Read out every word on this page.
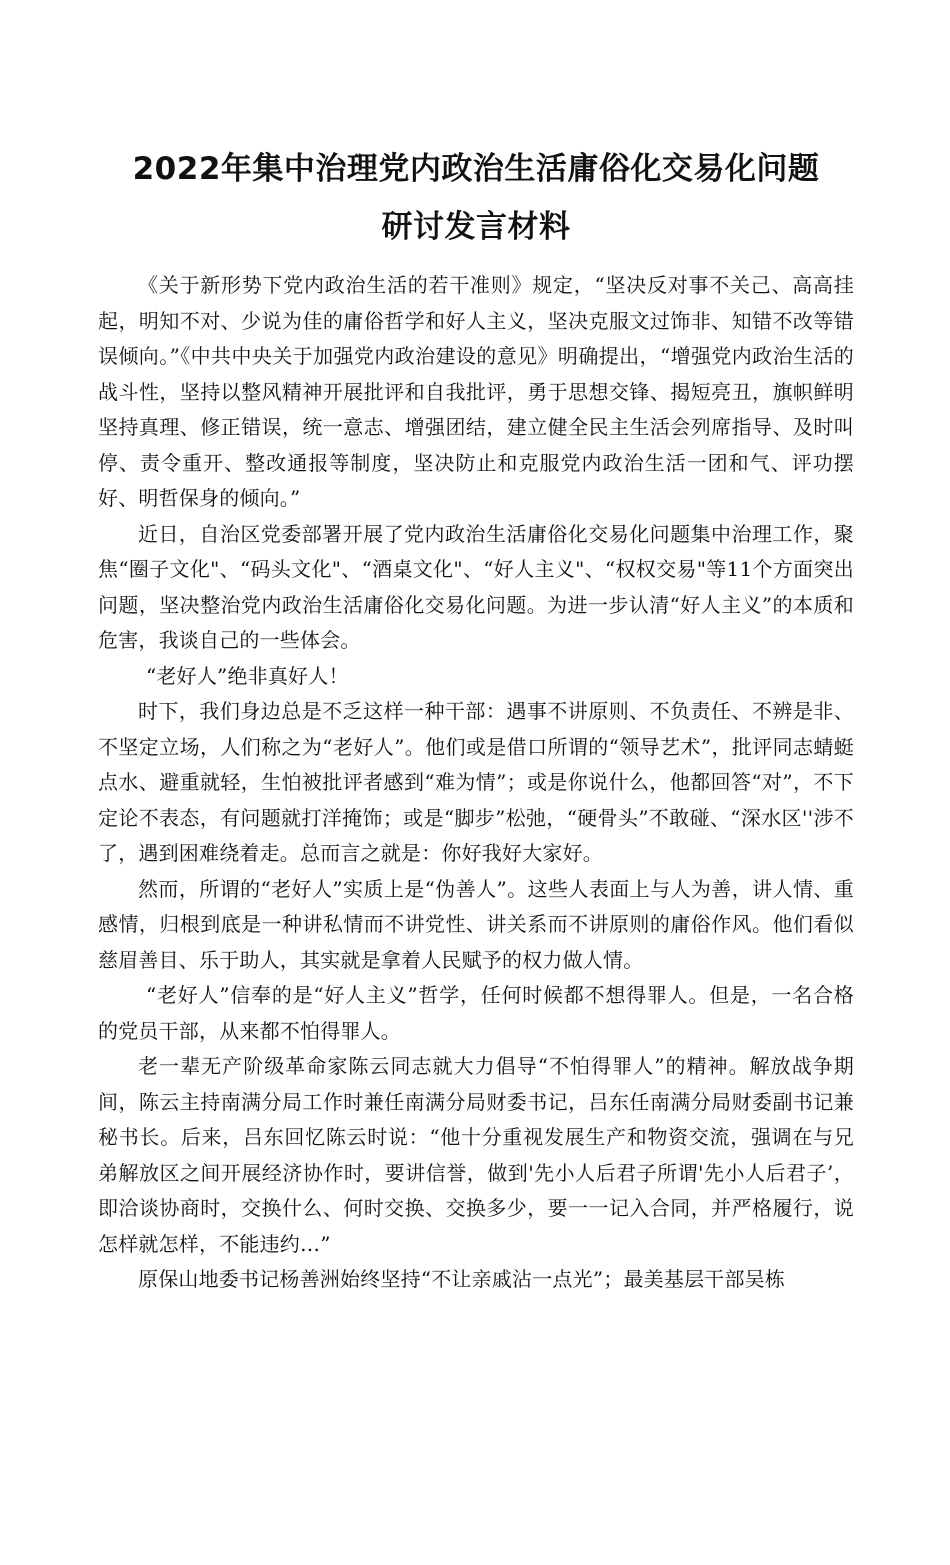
2022年集中治理党内政治生活庸俗化交易化问题
研讨发言材料

《关于新形势下党内政治生活的若干准则》规定，“坚决反对事不关己、高高挂起，明知不对、少说为佳的庸俗哲学和好人主义，坚决克服文过饰非、知错不改等错误倾向。”《中共中央关于加强党内政治建设的意见》明确提出，“增强党内政治生活的战斗性，坚持以整风精神开展批评和自我批评，勇于思想交锋、揭短亮丑，旗帜鲜明坚持真理、修正错误，统一意志、增强团结，建立健全民主生活会列席指导、及时叫停、责令重开、整改通报等制度，坚决防止和克服党内政治生活一团和气、评功摆好、明哲保身的倾向。”

近日，自治区党委部署开展了党内政治生活庸俗化交易化问题集中治理工作，聚焦“圈子文化"、“码头文化"、“酒桌文化"、“好人主义"、“权权交易"等11个方面突出问题，坚决整治党内政治生活庸俗化交易化问题。为进一步认清“好人主义”的本质和危害，我谈自己的一些体会。

“老好人”绝非真好人！

时下，我们身边总是不乏这样一种干部：遇事不讲原则、不负责任、不辨是非、不坚定立场，人们称之为“老好人”。他们或是借口所谓的“领导艺术”，批评同志蜻蜓点水、避重就轻，生怕被批评者感到“难为情”；或是你说什么，他都回答“对”，不下定论不表态，有问题就打洋掩饰；或是“脚步”松弛，“硬骨头”不敢碰、“深水区''涉不了，遇到困难绕着走。总而言之就是：你好我好大家好。

然而，所谓的“老好人”实质上是“伪善人”。这些人表面上与人为善，讲人情、重感情，归根到底是一种讲私情而不讲党性、讲关系而不讲原则的庸俗作风。他们看似慈眉善目、乐于助人，其实就是拿着人民赋予的权力做人情。

“老好人”信奉的是“好人主义”哲学，任何时候都不想得罪人。但是，一名合格的党员干部，从来都不怕得罪人。

老一辈无产阶级革命家陈云同志就大力倡导“不怕得罪人”的精神。解放战争期间，陈云主持南满分局工作时兼任南满分局财委书记，吕东任南满分局财委副书记兼秘书长。后来，吕东回忆陈云时说：“他十分重视发展生产和物资交流，强调在与兄弟解放区之间开展经济协作时，要讲信誉，做到'先小人后君子所谓'先小人后君子’，即洽谈协商时，交换什么、何时交换、交换多少，要一一记入合同，并严格履行，说怎样就怎样，不能违约…”

原保山地委书记杨善洲始终坚持“不让亲戚沾一点光”；最美基层干部吴栋
